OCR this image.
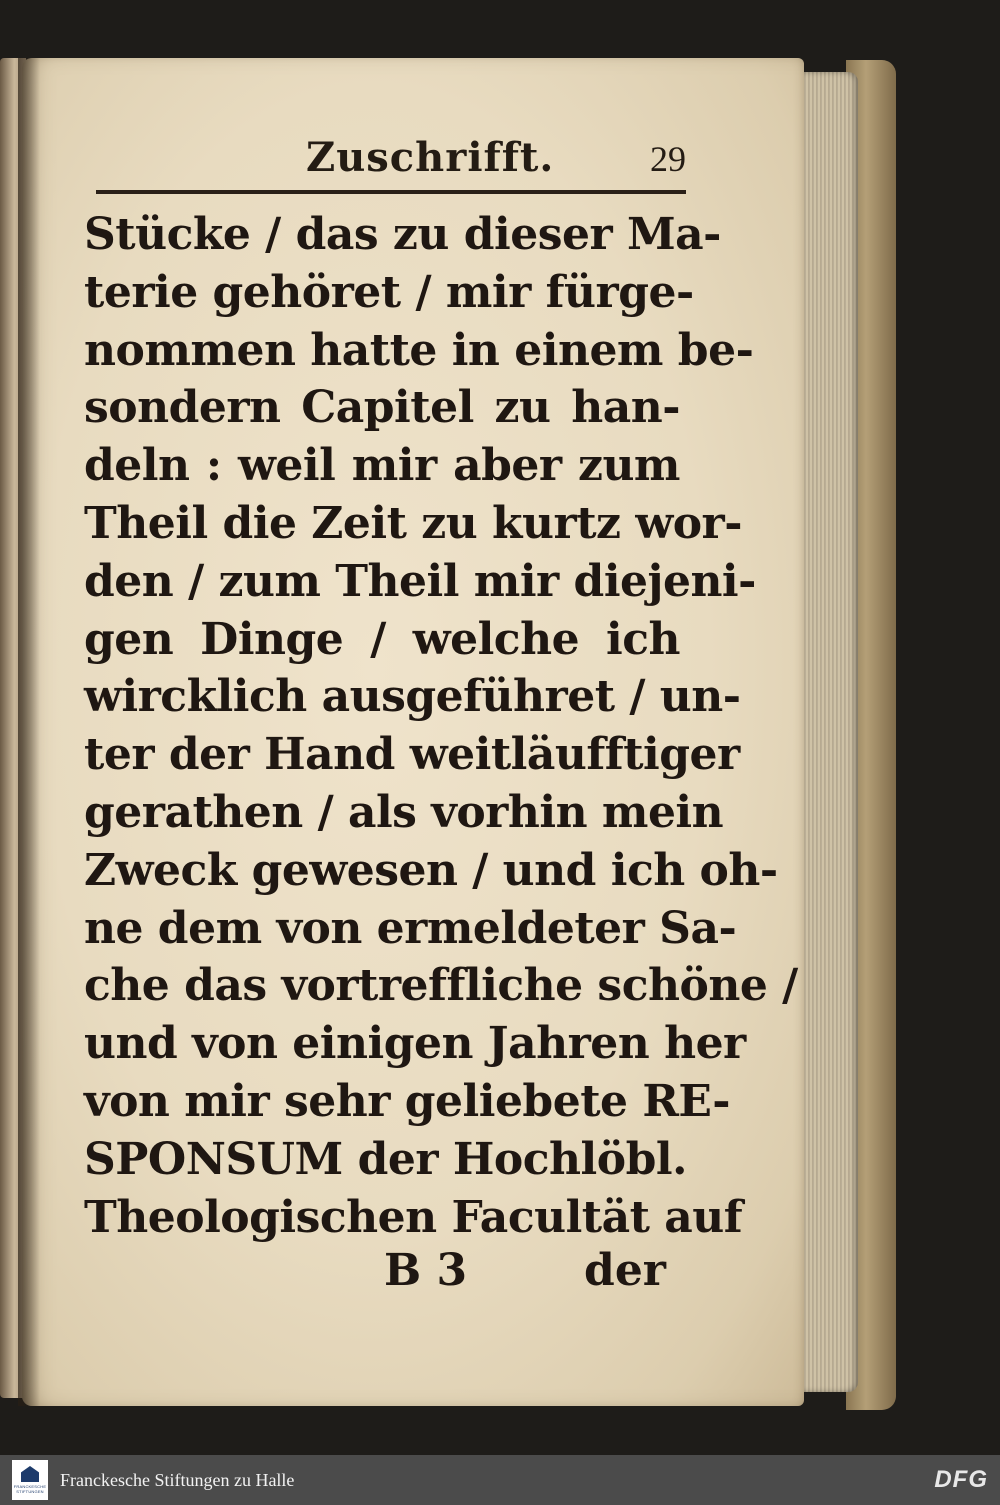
Zuschrifft.	29
Stücke / das zu dieser Ma-
terie gehöret / mir fürge-
nommen hatte in einem be-
sondern Capitel zu han-
deln : weil mir aber zum
Theil die Zeit zu kurtz wor-
den / zum Theil mir diejeni-
gen Dinge / welche ich
wircklich ausgeführet / un-
ter der Hand weitläufftiger
gerathen / als vorhin mein
Zweck gewesen / und ich oh-
ne dem von ermeldeter Sa-
che das vortreffliche schöne /
und von einigen Jahren her
von mir sehr geliebete RE-
SPONSUM der Hochlöbl.
Theologischen Facultät auf
B 3	der
FRANCKESCHE STIFTUNGEN
Franckesche Stiftungen zu Halle	DFG
